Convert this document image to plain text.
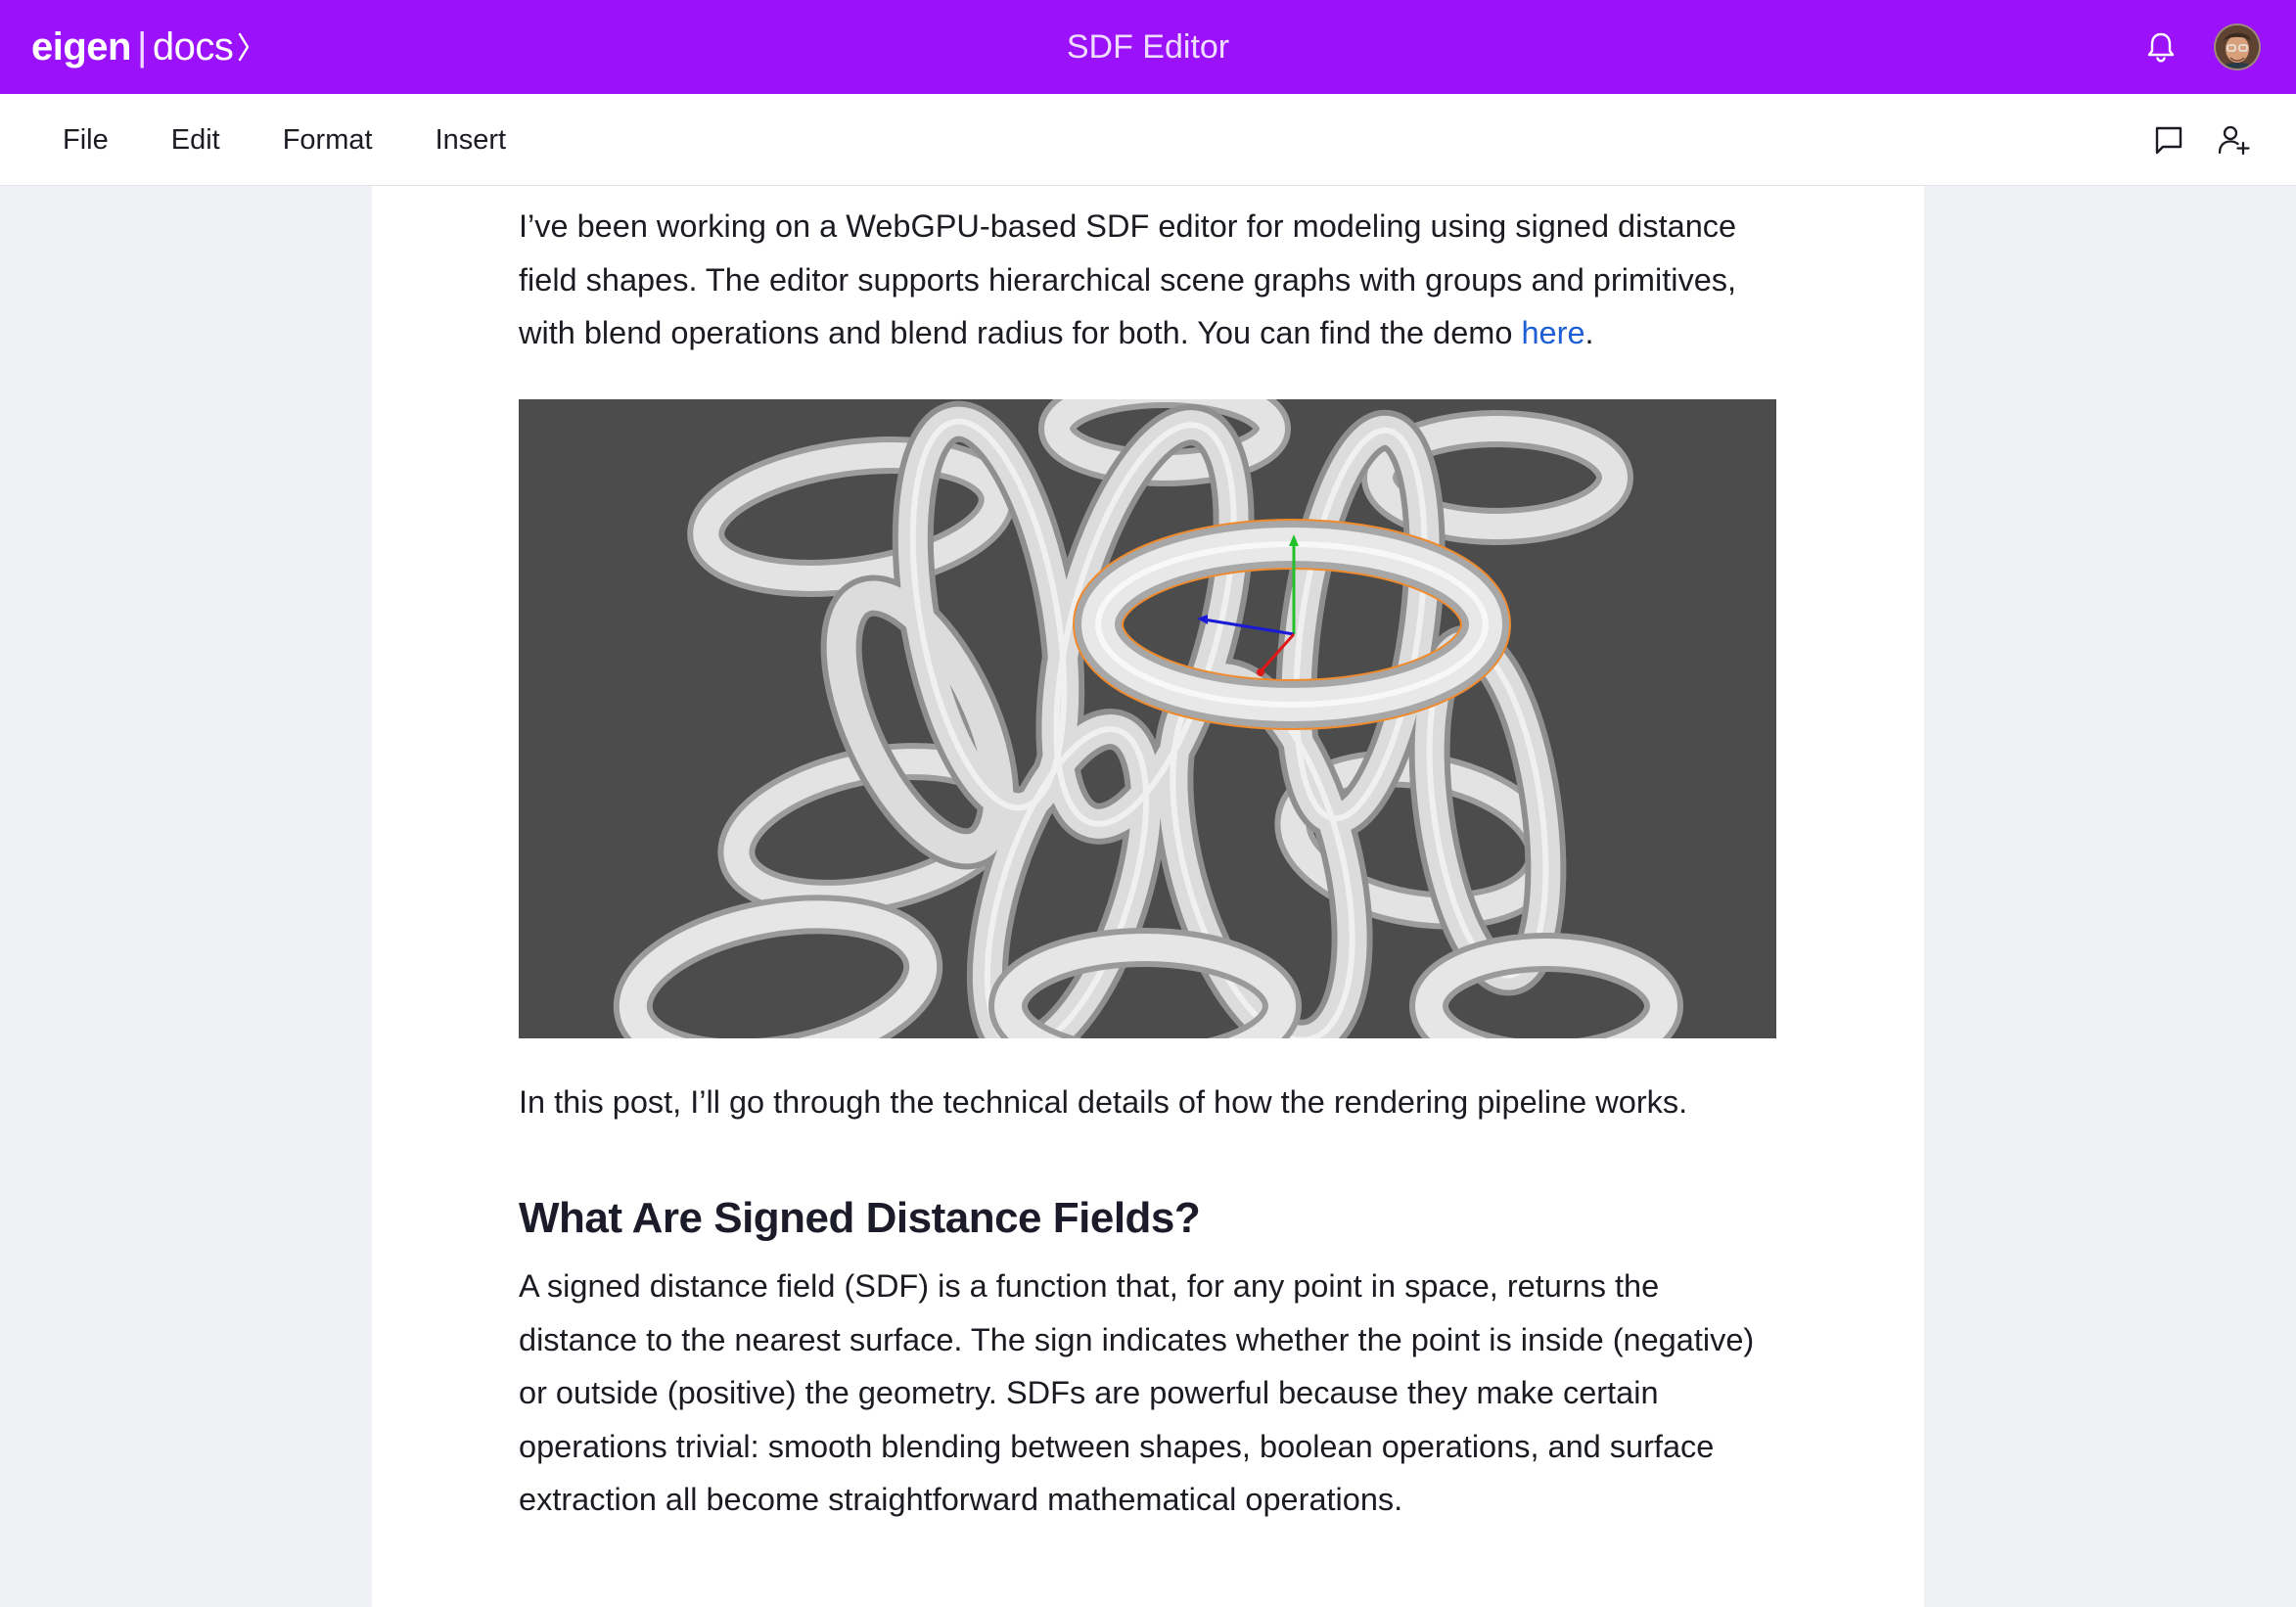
eigen | docs	SDF Editor
File Edit Format Insert

I’ve been working on a WebGPU-based SDF editor for modeling using signed distance field shapes. The editor supports hierarchical scene graphs with groups and primitives, with blend operations and blend radius for both. You can find the demo here.

In this post, I’ll go through the technical details of how the rendering pipeline works.

What Are Signed Distance Fields?

A signed distance field (SDF) is a function that, for any point in space, returns the distance to the nearest surface. The sign indicates whether the point is inside (negative) or outside (positive) the geometry. SDFs are powerful because they make certain operations trivial: smooth blending between shapes, boolean operations, and surface extraction all become straightforward mathematical operations.
